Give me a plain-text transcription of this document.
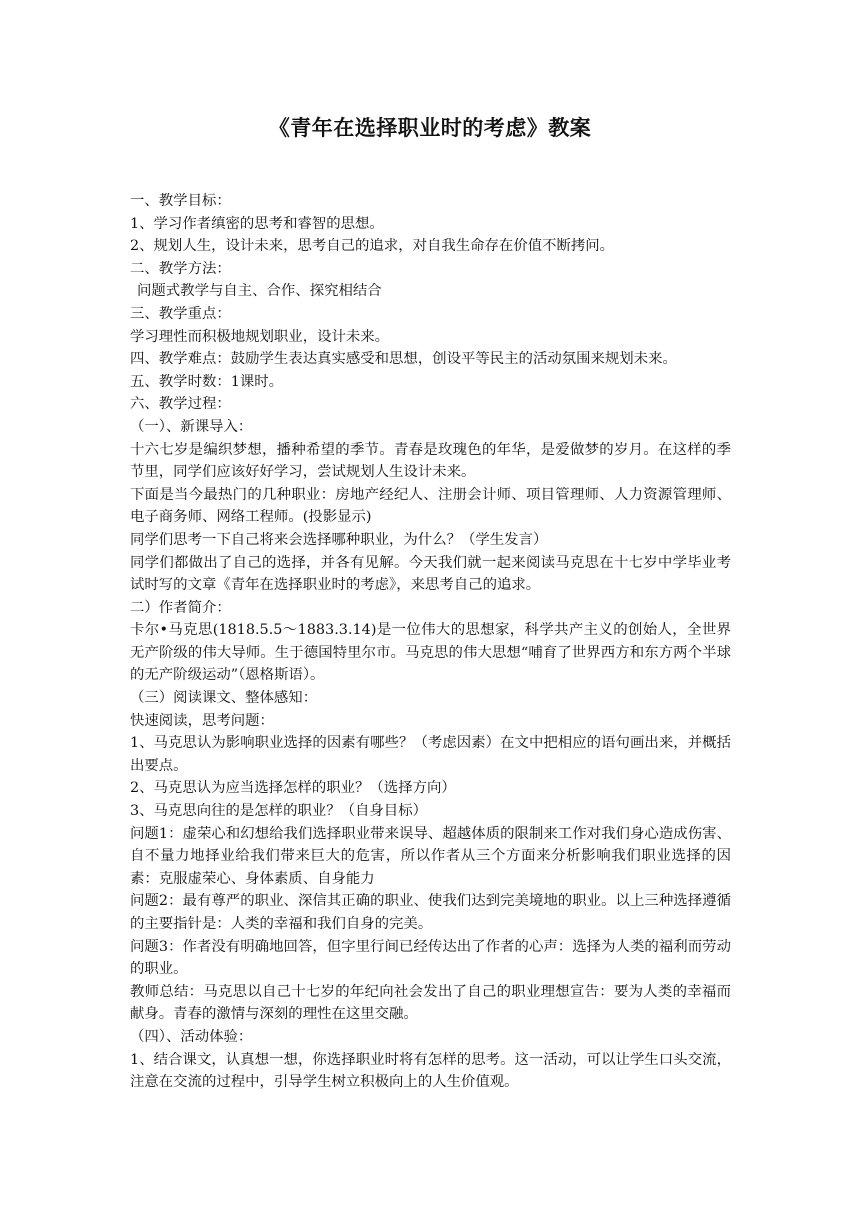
《青年在选择职业时的考虑》教案

一、教学目标：

1、学习作者缜密的思考和睿智的思想。

2、规划人生，设计未来，思考自己的追求，对自我生命存在价值不断拷问。

二、教学方法：

问题式教学与自主、合作、探究相结合

三、教学重点：

学习理性而积极地规划职业，设计未来。

四、教学难点：鼓励学生表达真实感受和思想，创设平等民主的活动氛围来规划未来。

五、教学时数：1课时。

六、教学过程：

（一）、新课导入：

十六七岁是编织梦想，播种希望的季节。青春是玫瑰色的年华，是爱做梦的岁月。在这样的季节里，同学们应该好好学习，尝试规划人生设计未来。

下面是当今最热门的几种职业：房地产经纪人、注册会计师、项目管理师、人力资源管理师、电子商务师、网络工程师。(投影显示)

同学们思考一下自己将来会选择哪种职业，为什么？（学生发言）

同学们都做出了自己的选择，并各有见解。今天我们就一起来阅读马克思在十七岁中学毕业考试时写的文章《青年在选择职业时的考虑》，来思考自己的追求。

二）作者简介：

卡尔•马克思(1818.5.5～1883.3.14)是一位伟大的思想家，科学共产主义的创始人，全世界无产阶级的伟大导师。生于德国特里尔市。马克思的伟大思想“哺育了世界西方和东方两个半球的无产阶级运动”（恩格斯语）。

（三）阅读课文、整体感知：

快速阅读，思考问题：

1、马克思认为影响职业选择的因素有哪些？（考虑因素）在文中把相应的语句画出来，并概括出要点。

2、马克思认为应当选择怎样的职业？（选择方向）

3、马克思向往的是怎样的职业？（自身目标）

问题1：虚荣心和幻想给我们选择职业带来误导、超越体质的限制来工作对我们身心造成伤害、自不量力地择业给我们带来巨大的危害，所以作者从三个方面来分析影响我们职业选择的因素：克服虚荣心、身体素质、自身能力

问题2：最有尊严的职业、深信其正确的职业、使我们达到完美境地的职业。以上三种选择遵循的主要指针是：人类的幸福和我们自身的完美。

问题3：作者没有明确地回答，但字里行间已经传达出了作者的心声：选择为人类的福利而劳动的职业。

教师总结：马克思以自己十七岁的年纪向社会发出了自己的职业理想宣告：要为人类的幸福而献身。青春的激情与深刻的理性在这里交融。

（四）、活动体验：

1、结合课文，认真想一想，你选择职业时将有怎样的思考。这一活动，可以让学生口头交流，注意在交流的过程中，引导学生树立积极向上的人生价值观。
